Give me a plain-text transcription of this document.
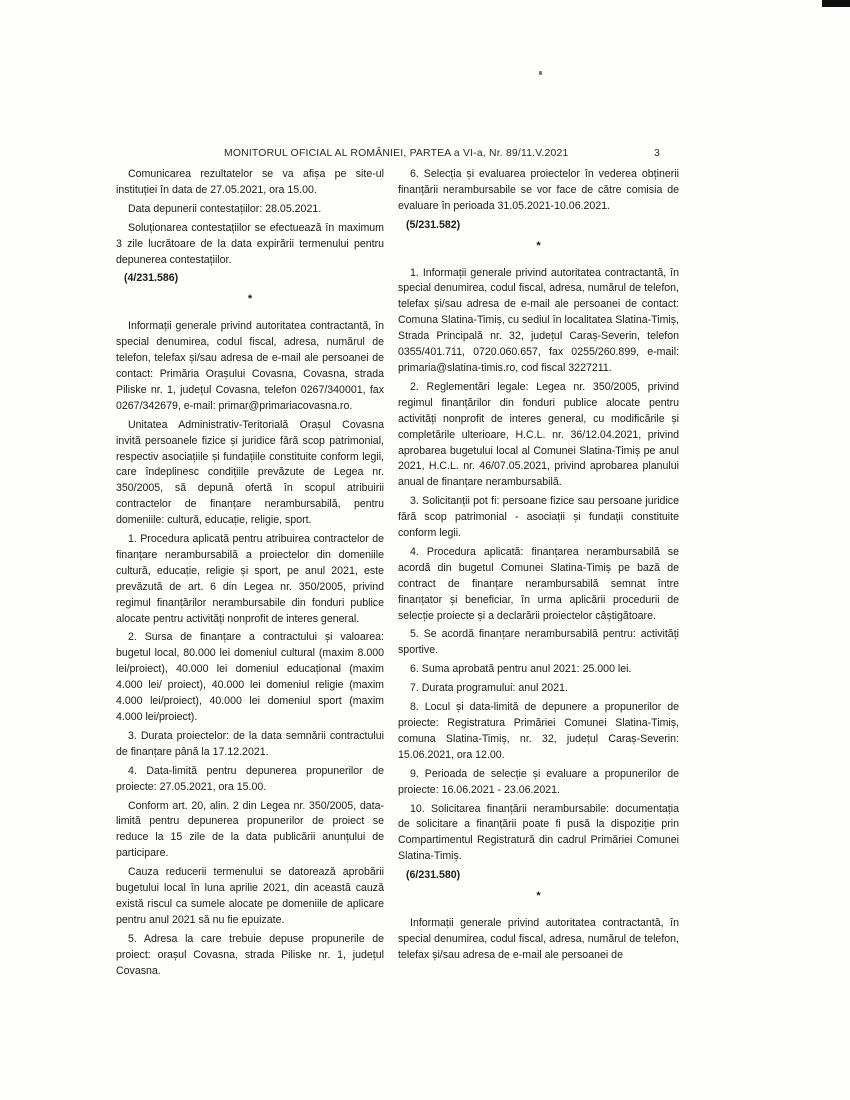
MONITORUL OFICIAL AL ROMÂNIEI, PARTEA a VI-a, Nr. 89/11.V.2021	3

Comunicarea rezultatelor se va afișa pe site-ul instituției în data de 27.05.2021, ora 15.00.

Data depunerii contestațiilor: 28.05.2021.

Soluționarea contestațiilor se efectuează în maximum 3 zile lucrătoare de la data expirării termenului pentru depunerea contestațiilor.

(4/231.586)
*

Informații generale privind autoritatea contractantă, în special denumirea, codul fiscal, adresa, numărul de telefon, telefax și/sau adresa de e-mail ale persoanei de contact: Primăria Orașului Covasna, Covasna, strada Piliske nr. 1, județul Covasna, telefon 0267/340001, fax 0267/342679, e-mail: primar@primariacovasna.ro.

Unitatea Administrativ-Teritorială Orașul Covasna invită persoanele fizice și juridice fără scop patrimonial, respectiv asociațiile și fundațiile constituite conform legii, care îndeplinesc condițiile prevăzute de Legea nr. 350/2005, să depună ofertă în scopul atribuirii contractelor de finanțare nerambursabilă, pentru domeniile: cultură, educație, religie, sport.

1. Procedura aplicată pentru atribuirea contractelor de finanțare nerambursabilă a proiectelor din domeniile cultură, educație, religie și sport, pe anul 2021, este prevăzută de art. 6 din Legea nr. 350/2005, privind regimul finanțărilor nerambursabile din fonduri publice alocate pentru activități nonprofit de interes general.

2. Sursa de finanțare a contractului și valoarea: bugetul local, 80.000 lei domeniul cultural (maxim 8.000 lei/proiect), 40.000 lei domeniul educațional (maxim 4.000 lei/ proiect), 40.000 lei domeniul religie (maxim 4.000 lei/proiect), 40.000 lei domeniul sport (maxim 4.000 lei/proiect).

3. Durata proiectelor: de la data semnării contractului de finanțare până la 17.12.2021.

4. Data-limită pentru depunerea propunerilor de proiecte: 27.05.2021, ora 15.00.

Conform art. 20, alin. 2 din Legea nr. 350/2005, data-limită pentru depunerea propunerilor de proiect se reduce la 15 zile de la data publicării anunțului de participare.

Cauza reducerii termenului se datorează aprobării bugetului local în luna aprilie 2021, din această cauză există riscul ca sumele alocate pe domeniile de aplicare pentru anul 2021 să nu fie epuizate.

5. Adresa la care trebuie depuse propunerile de proiect: orașul Covasna, strada Piliske nr. 1, județul Covasna.

6. Selecția și evaluarea proiectelor în vederea obținerii finanțării nerambursabile se vor face de către comisia de evaluare în perioada 31.05.2021-10.06.2021.

(5/231.582)
*

1. Informații generale privind autoritatea contractantă, în special denumirea, codul fiscal, adresa, numărul de telefon, telefax și/sau adresa de e-mail ale persoanei de contact: Comuna Slatina-Timiș, cu sediul în localitatea Slatina-Timiș, Strada Principală nr. 32, județul Caraș-Severin, telefon 0355/401.711, 0720.060.657, fax 0255/260.899, e-mail: primaria@slatina-timis.ro, cod fiscal 3227211.

2. Reglementări legale: Legea nr. 350/2005, privind regimul finanțărilor din fonduri publice alocate pentru activități nonprofit de interes general, cu modificările și completările ulterioare, H.C.L. nr. 36/12.04.2021, privind aprobarea bugetului local al Comunei Slatina-Timiș pe anul 2021, H.C.L. nr. 46/07.05.2021, privind aprobarea planului anual de finanțare nerambursabilă.

3. Solicitanții pot fi: persoane fizice sau persoane juridice fără scop patrimonial - asociații și fundații constituite conform legii.

4. Procedura aplicată: finanțarea nerambursabilă se acordă din bugetul Comunei Slatina-Timiș pe bază de contract de finanțare nerambursabilă semnat între finanțator și beneficiar, în urma aplicării procedurii de selecție proiecte și a declarării proiectelor câștigătoare.

5. Se acordă finanțare nerambursabilă pentru: activități sportive.

6. Suma aprobată pentru anul 2021: 25.000 lei.

7. Durata programului: anul 2021.

8. Locul și data-limită de depunere a propunerilor de proiecte: Registratura Primăriei Comunei Slatina-Timiș, comuna Slatina-Timiș, nr. 32, județul Caraș-Severin: 15.06.2021, ora 12.00.

9. Perioada de selecție și evaluare a propunerilor de proiecte: 16.06.2021 - 23.06.2021.

10. Solicitarea finanțării nerambursabile: documentația de solicitare a finanțării poate fi pusă la dispoziție prin Compartimentul Registratură din cadrul Primăriei Comunei Slatina-Timiș.

(6/231.580)
*

Informații generale privind autoritatea contractantă, în special denumirea, codul fiscal, adresa, numărul de telefon, telefax și/sau adresa de e-mail ale persoanei de
